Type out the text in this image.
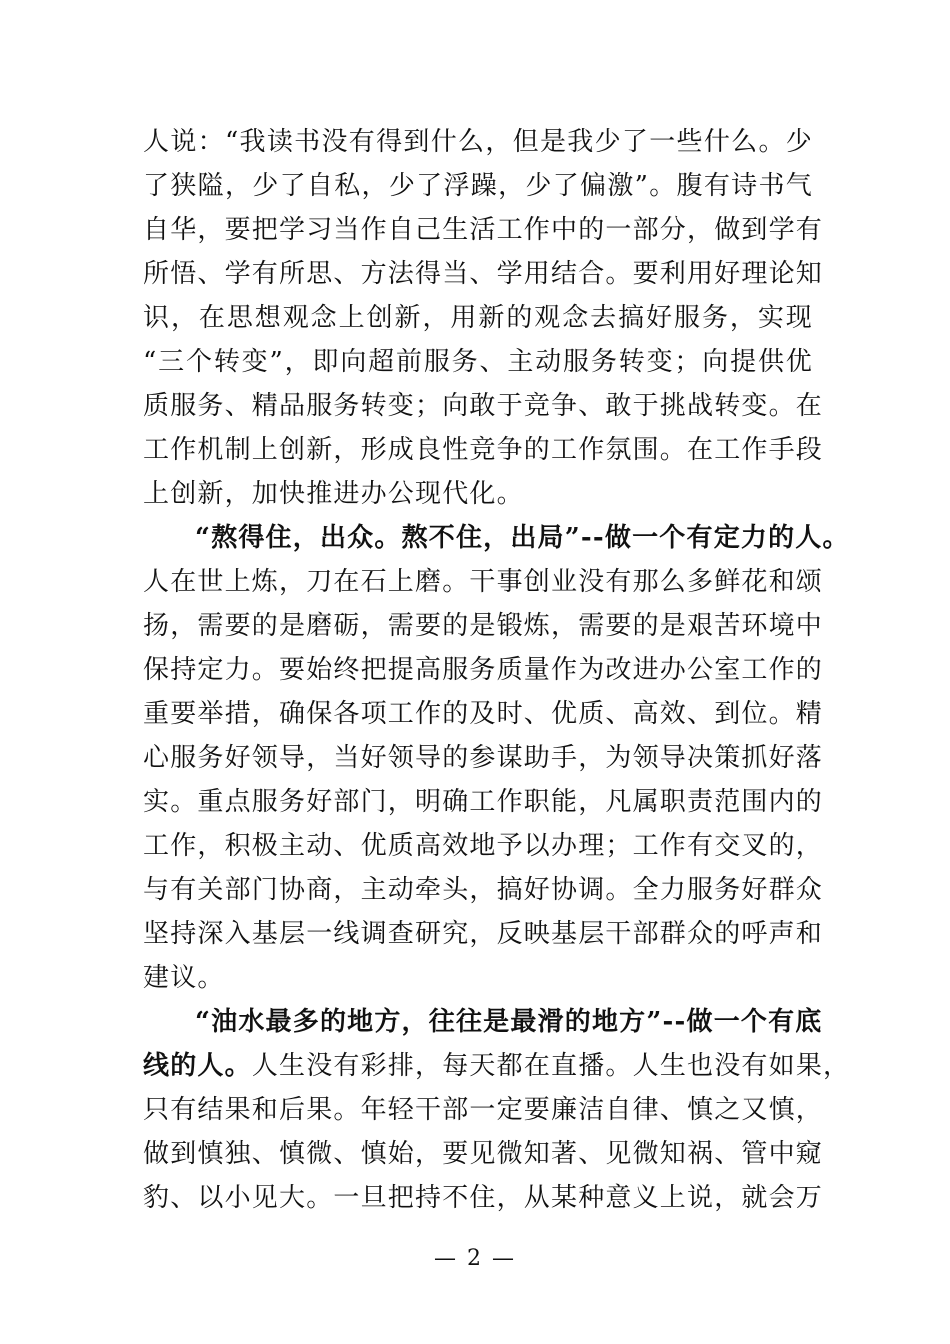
人说：“我读书没有得到什么，但是我少了一些什么。少
了狭隘，少了自私，少了浮躁，少了偏激”。腹有诗书气
自华，要把学习当作自己生活工作中的一部分，做到学有
所悟、学有所思、方法得当、学用结合。要利用好理论知
识，在思想观念上创新，用新的观念去搞好服务，实现
“三个转变”，即向超前服务、主动服务转变；向提供优
质服务、精品服务转变；向敢于竞争、敢于挑战转变。在
工作机制上创新，形成良性竞争的工作氛围。在工作手段
上创新，加快推进办公现代化。
“熬得住，出众。熬不住，出局”--做一个有定力的人。
人在世上炼，刀在石上磨。干事创业没有那么多鲜花和颂
扬，需要的是磨砺，需要的是锻炼，需要的是艰苦环境中
保持定力。要始终把提高服务质量作为改进办公室工作的
重要举措，确保各项工作的及时、优质、高效、到位。精
心服务好领导，当好领导的参谋助手，为领导决策抓好落
实。重点服务好部门，明确工作职能，凡属职责范围内的
工作，积极主动、优质高效地予以办理；工作有交叉的，
与有关部门协商，主动牵头，搞好协调。全力服务好群众
坚持深入基层一线调查研究，反映基层干部群众的呼声和
建议。
“油水最多的地方，往往是最滑的地方”--做一个有底
线的人。人生没有彩排，每天都在直播。人生也没有如果，
只有结果和后果。年轻干部一定要廉洁自律、慎之又慎，
做到慎独、慎微、慎始，要见微知著、见微知祸、管中窥
豹、以小见大。一旦把持不住，从某种意义上说，就会万
— 2 —
